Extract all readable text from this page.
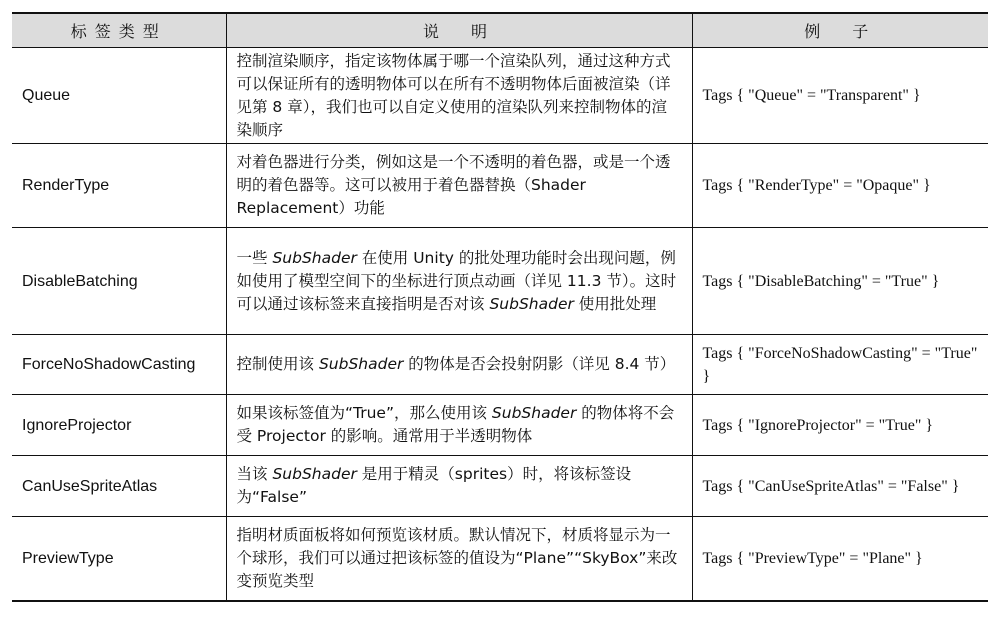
标签类型	说　明	例　子
Queue	控制渲染顺序，指定该物体属于哪一个渲染队列，通过这种方式可以保证所有的透明物体可以在所有不透明物体后面被渲染（详见第 8 章），我们也可以自定义使用的渲染队列来控制物体的渲染顺序	Tags { "Queue" = "Transparent" }
RenderType	对着色器进行分类，例如这是一个不透明的着色器，或是一个透明的着色器等。这可以被用于着色器替换（Shader Replacement）功能	Tags { "RenderType" = "Opaque" }
DisableBatching	一些 SubShader 在使用 Unity 的批处理功能时会出现问题，例如使用了模型空间下的坐标进行顶点动画（详见 11.3 节）。这时可以通过该标签来直接指明是否对该 SubShader 使用批处理	Tags { "DisableBatching" = "True" }
ForceNoShadowCasting	控制使用该 SubShader 的物体是否会投射阴影（详见 8.4 节）	Tags { "ForceNoShadowCasting" = "True" }
IgnoreProjector	如果该标签值为“True”，那么使用该 SubShader 的物体将不会受 Projector 的影响。通常用于半透明物体	Tags { "IgnoreProjector" = "True" }
CanUseSpriteAtlas	当该 SubShader 是用于精灵（sprites）时，将该标签设为“False”	Tags { "CanUseSpriteAtlas" = "False" }
PreviewType	指明材质面板将如何预览该材质。默认情况下，材质将显示为一个球形，我们可以通过把该标签的值设为“Plane”“SkyBox”来改变预览类型	Tags { "PreviewType" = "Plane" }
